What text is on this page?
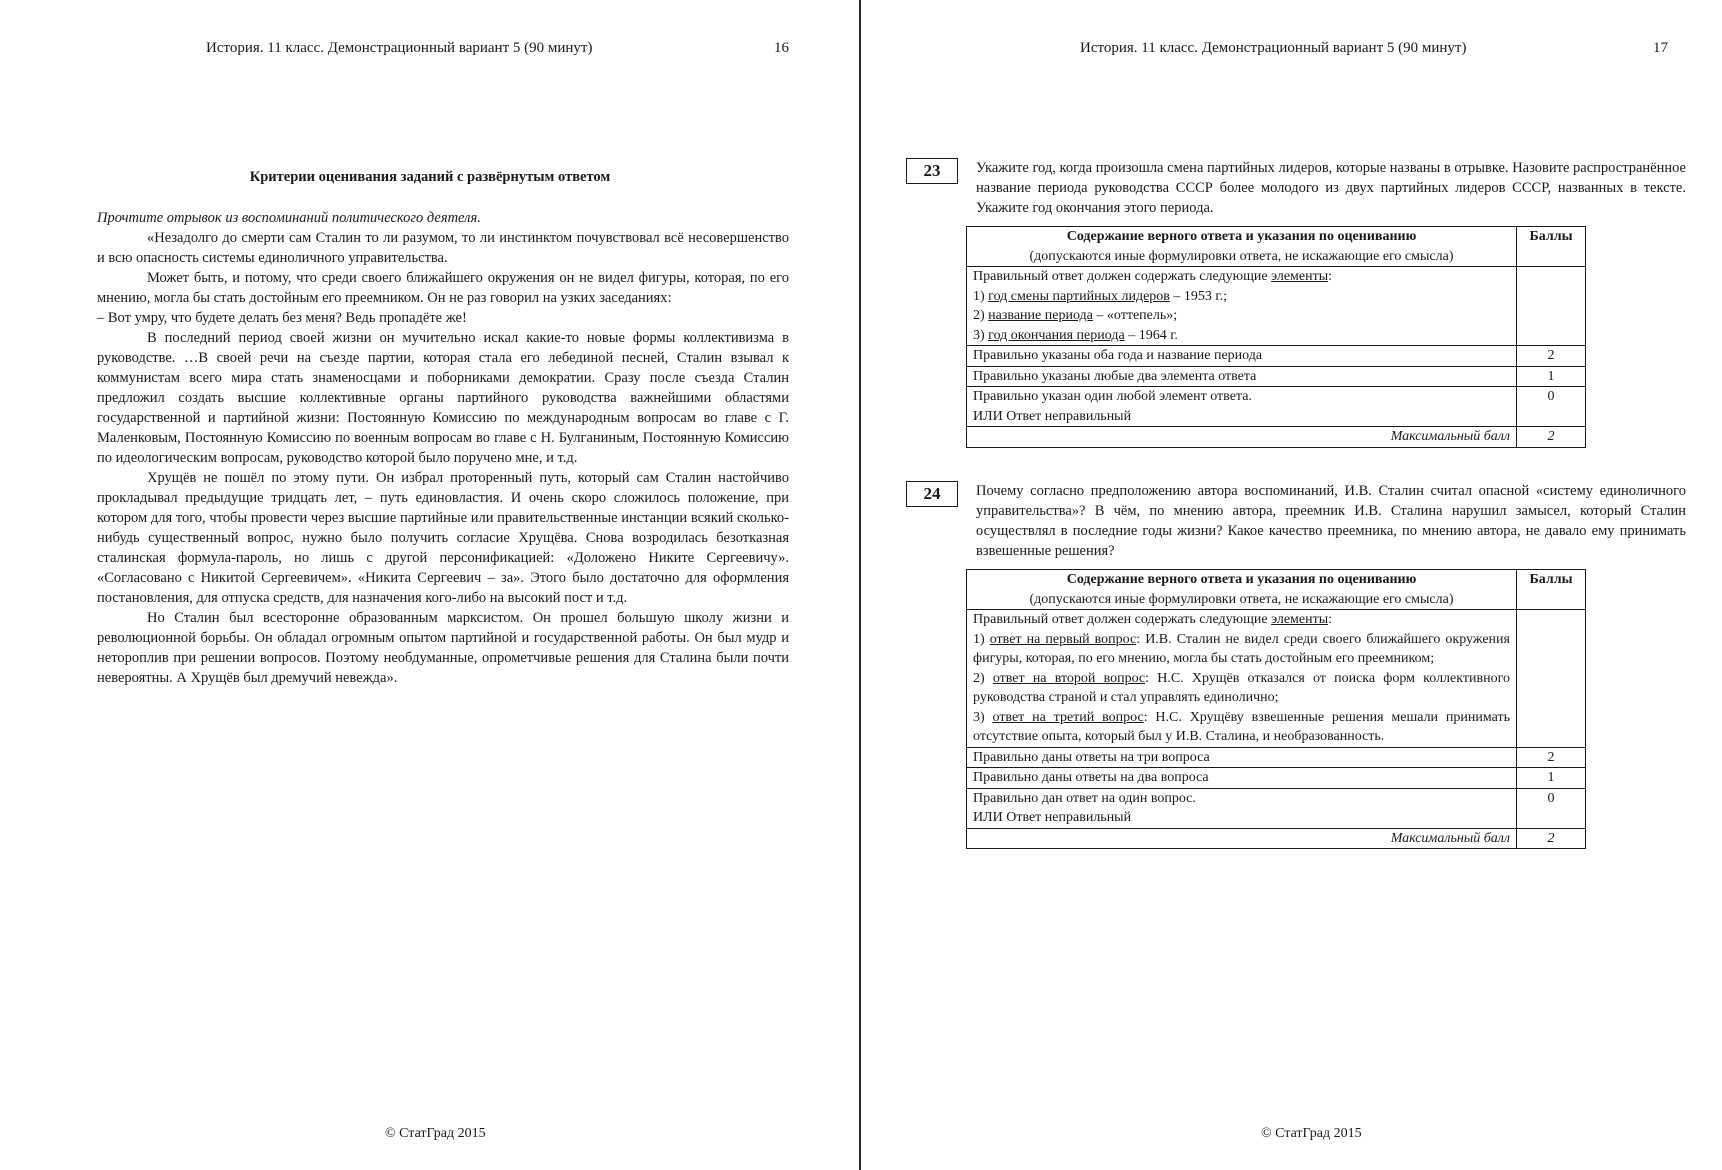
История. 11 класс. Демонстрационный вариант 5 (90 минут)	16
Критерии оценивания заданий с развёрнутым ответом

Прочтите отрывок из воспоминаний политического деятеля.

«Незадолго до смерти сам Сталин то ли разумом, то ли инстинктом почувствовал всё несовершенство и всю опасность системы единоличного управительства.

Может быть, и потому, что среди своего ближайшего окружения он не видел фигуры, которая, по его мнению, могла бы стать достойным его преемником. Он не раз говорил на узких заседаниях:

– Вот умру, что будете делать без меня? Ведь пропадёте же!

В последний период своей жизни он мучительно искал какие-то новые формы коллективизма в руководстве. …В своей речи на съезде партии, которая стала его лебединой песней, Сталин взывал к коммунистам всего мира стать знаменосцами и поборниками демократии. Сразу после съезда Сталин предложил создать высшие коллективные органы партийного руководства важнейшими областями государственной и партийной жизни: Постоянную Комиссию по международным вопросам во главе с Г. Маленковым, Постоянную Комиссию по военным вопросам во главе с Н. Булганиным, Постоянную Комиссию по идеологическим вопросам, руководство которой было поручено мне, и т.д.

Хрущёв не пошёл по этому пути. Он избрал проторенный путь, который сам Сталин настойчиво прокладывал предыдущие тридцать лет, – путь единовластия. И очень скоро сложилось положение, при котором для того, чтобы провести через высшие партийные или правительственные инстанции всякий сколько-нибудь существенный вопрос, нужно было получить согласие Хрущёва. Снова возродилась безотказная сталинская формула-пароль, но лишь с другой персонификацией: «Доложено Никите Сергеевичу». «Согласовано с Никитой Сергеевичем». «Никита Сергеевич – за». Этого было достаточно для оформления постановления, для отпуска средств, для назначения кого-либо на высокий пост и т.д.

Но Сталин был всесторонне образованным марксистом. Он прошел большую школу жизни и революционной борьбы. Он обладал огромным опытом партийной и государственной работы. Он был мудр и нетороплив при решении вопросов. Поэтому необдуманные, опрометчивые решения для Сталина были почти невероятны. А Хрущёв был дремучий невежда».

© СтатГрад 2015
История. 11 класс. Демонстрационный вариант 5 (90 минут)	17
23	Укажите год, когда произошла смена партийных лидеров, которые названы в отрывке. Назовите распространённое название периода руководства СССР более молодого из двух партийных лидеров СССР, названных в тексте. Укажите год окончания этого периода.
Содержание верного ответа и указания по оцениванию
(допускаются иные формулировки ответа, не искажающие его смысла)	Баллы
Правильный ответ должен содержать следующие элементы:
1) год смены партийных лидеров – 1953 г.;
2) название периода – «оттепель»;
3) год окончания периода – 1964 г.	

Правильно указаны оба года и название периода	2
Правильно указаны любые два элемента ответа	1
Правильно указан один любой элемент ответа.
ИЛИ Ответ неправильный	0
Максимальный балл	2
24	Почему согласно предположению автора воспоминаний, И.В. Сталин считал опасной «систему единоличного управительства»? В чём, по мнению автора, преемник И.В. Сталина нарушил замысел, который Сталин осуществлял в последние годы жизни? Какое качество преемника, по мнению автора, не давало ему принимать взвешенные решения?
Содержание верного ответа и указания по оцениванию
(допускаются иные формулировки ответа, не искажающие его смысла)	Баллы
Правильный ответ должен содержать следующие элементы:
1) ответ на первый вопрос: И.В. Сталин не видел среди своего ближайшего окружения фигуры, которая, по его мнению, могла бы стать достойным его преемником;
2) ответ на второй вопрос: Н.С. Хрущёв отказался от поиска форм коллективного руководства страной и стал управлять единолично;
3) ответ на третий вопрос: Н.С. Хрущёву взвешенные решения мешали принимать отсутствие опыта, который был у И.В. Сталина, и необразованность.	

Правильно даны ответы на три вопроса	2
Правильно даны ответы на два вопроса	1
Правильно дан ответ на один вопрос.
ИЛИ Ответ неправильный	0
Максимальный балл	2
© СтатГрад 2015
